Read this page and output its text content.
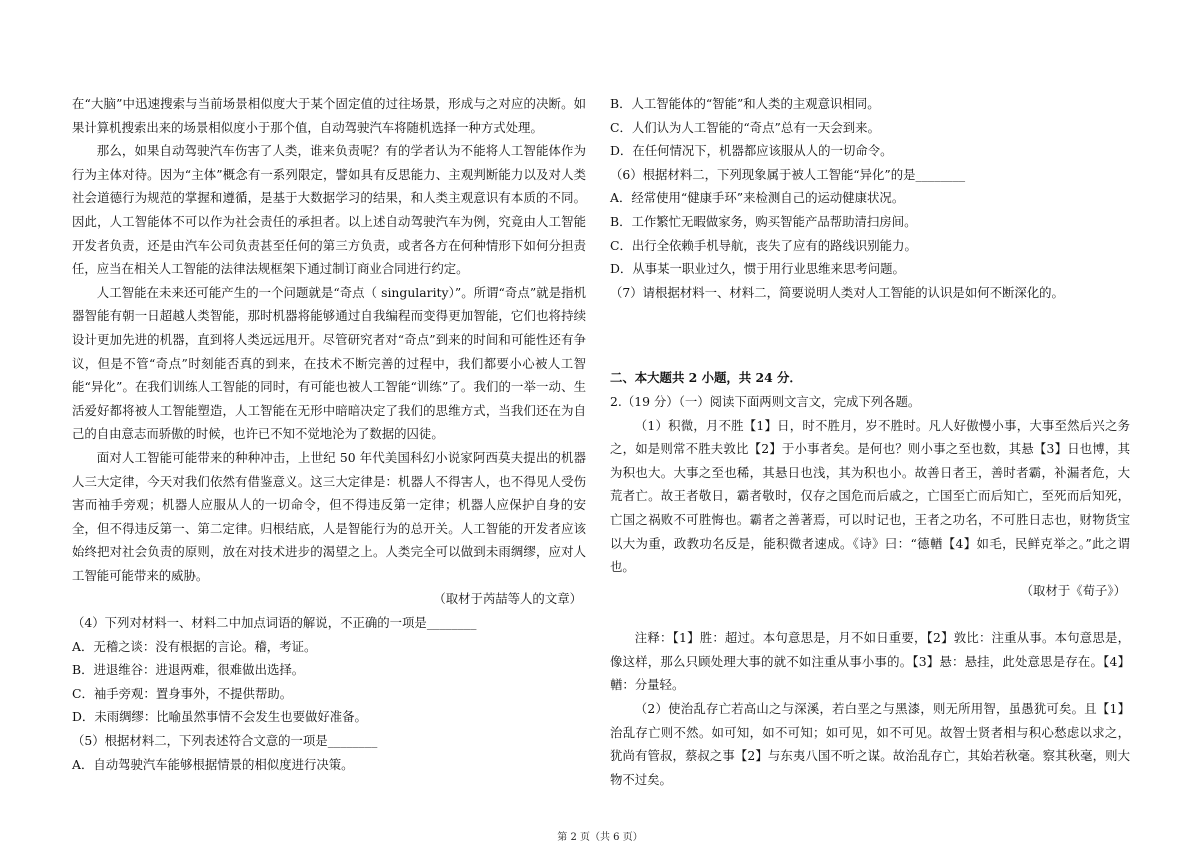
在“大脑”中迅速搜索与当前场景相似度大于某个固定值的过往场景，形成与之对应的决断。如果计算机搜索出来的场景相似度小于那个值，自动驾驶汽车将随机选择一种方式处理。

那么，如果自动驾驶汽车伤害了人类，谁来负责呢？有的学者认为不能将人工智能体作为行为主体对待。因为“主体”概念有一系列限定，譬如具有反思能力、主观判断能力以及对人类社会道德行为规范的掌握和遵循，是基于大数据学习的结果，和人类主观意识有本质的不同。因此，人工智能体不可以作为社会责任的承担者。以上述自动驾驶汽车为例，究竟由人工智能开发者负责，还是由汽车公司负责甚至任何的第三方负责，或者各方在何种情形下如何分担责任，应当在相关人工智能的法律法规框架下通过制订商业合同进行约定。

人工智能在未来还可能产生的一个问题就是“奇点（ singularity）”。所谓“奇点”就是指机器智能有朝一日超越人类智能，那时机器将能够通过自我编程而变得更加智能，它们也将持续设计更加先进的机器，直到将人类远远甩开。尽管研究者对“奇点”到来的时间和可能性还有争议，但是不管“奇点”时刻能否真的到来，在技术不断完善的过程中，我们都要小心被人工智能“异化”。在我们训练人工智能的同时，有可能也被人工智能“训练”了。我们的一举一动、生活爱好都将被人工智能塑造，人工智能在无形中暗暗决定了我们的思维方式，当我们还在为自己的自由意志而骄傲的时候，也许已不知不觉地沦为了数据的囚徒。

面对人工智能可能带来的种种冲击，上世纪 50 年代美国科幻小说家阿西莫夫提出的机器人三大定律，今天对我们依然有借鉴意义。这三大定律是：机器人不得害人，也不得见人受伤害而袖手旁观；机器人应服从人的一切命令，但不得违反第一定律；机器人应保护自身的安全，但不得违反第一、第二定律。归根结底，人是智能行为的总开关。人工智能的开发者应该始终把对社会负责的原则，放在对技术进步的渴望之上。人类完全可以做到未雨绸缪，应对人工智能可能带来的威胁。

（取材于芮喆等人的文章）

（4）下列对材料一、材料二中加点词语的解说，不正确的一项是________

A．无稽之谈：没有根据的言论。稽，考证。

B．进退维谷：进退两难，很难做出选择。

C．袖手旁观：置身事外，不提供帮助。

D．未雨绸缪：比喻虽然事情不会发生也要做好准备。

（5）根据材料二，下列表述符合文意的一项是________

A．自动驾驶汽车能够根据情景的相似度进行决策。

B．人工智能体的“智能”和人类的主观意识相同。

C．人们认为人工智能的“奇点”总有一天会到来。

D．在任何情况下，机器都应该服从人的一切命令。

（6）根据材料二，下列现象属于被人工智能“异化”的是________

A．经常使用“健康手环”来检测自己的运动健康状况。

B．工作繁忙无暇做家务，购买智能产品帮助清扫房间。

C．出行全依赖手机导航，丧失了应有的路线识别能力。

D．从事某一职业过久，惯于用行业思维来思考问题。

（7）请根据材料一、材料二，简要说明人类对人工智能的认识是如何不断深化的。

二、本大题共 2 小题，共 24 分．

2.（19 分）（一）阅读下面两则文言文，完成下列各题。

（1）积微，月不胜【1】日，时不胜月，岁不胜时。凡人好傲慢小事，大事至然后兴之务之，如是则常不胜夫敦比【2】于小事者矣。是何也？则小事之至也数，其悬【3】日也博，其为积也大。大事之至也稀，其悬日也浅，其为积也小。故善日者王，善时者霸，补漏者危，大荒者亡。故王者敬日，霸者敬时，仅存之国危而后戚之，亡国至亡而后知亡，至死而后知死，亡国之祸败不可胜悔也。霸者之善著焉，可以时记也，王者之功名，不可胜日志也，财物货宝以大为重，政教功名反是，能积微者速成。《诗》曰：“德輶【4】如毛，民鲜克举之。”此之谓也。

（取材于《荀子》）

注释：【1】胜：超过。本句意思是，月不如日重要，【2】敦比：注重从事。本句意思是，像这样，那么只顾处理大事的就不如注重从事小事的。【3】悬：悬挂，此处意思是存在。【4】輶：分量轻。

（2）使治乱存亡若高山之与深溪，若白垩之与黑漆，则无所用智，虽愚犹可矣。且【1】治乱存亡则不然。如可知，如不可知；如可见，如不可见。故智士贤者相与积心愁虑以求之，犹尚有管叔，蔡叔之事【2】与东夷八国不听之谋。故治乱存亡，其始若秋毫。察其秋毫，则大物不过矣。

第 2 页（共 6 页）
